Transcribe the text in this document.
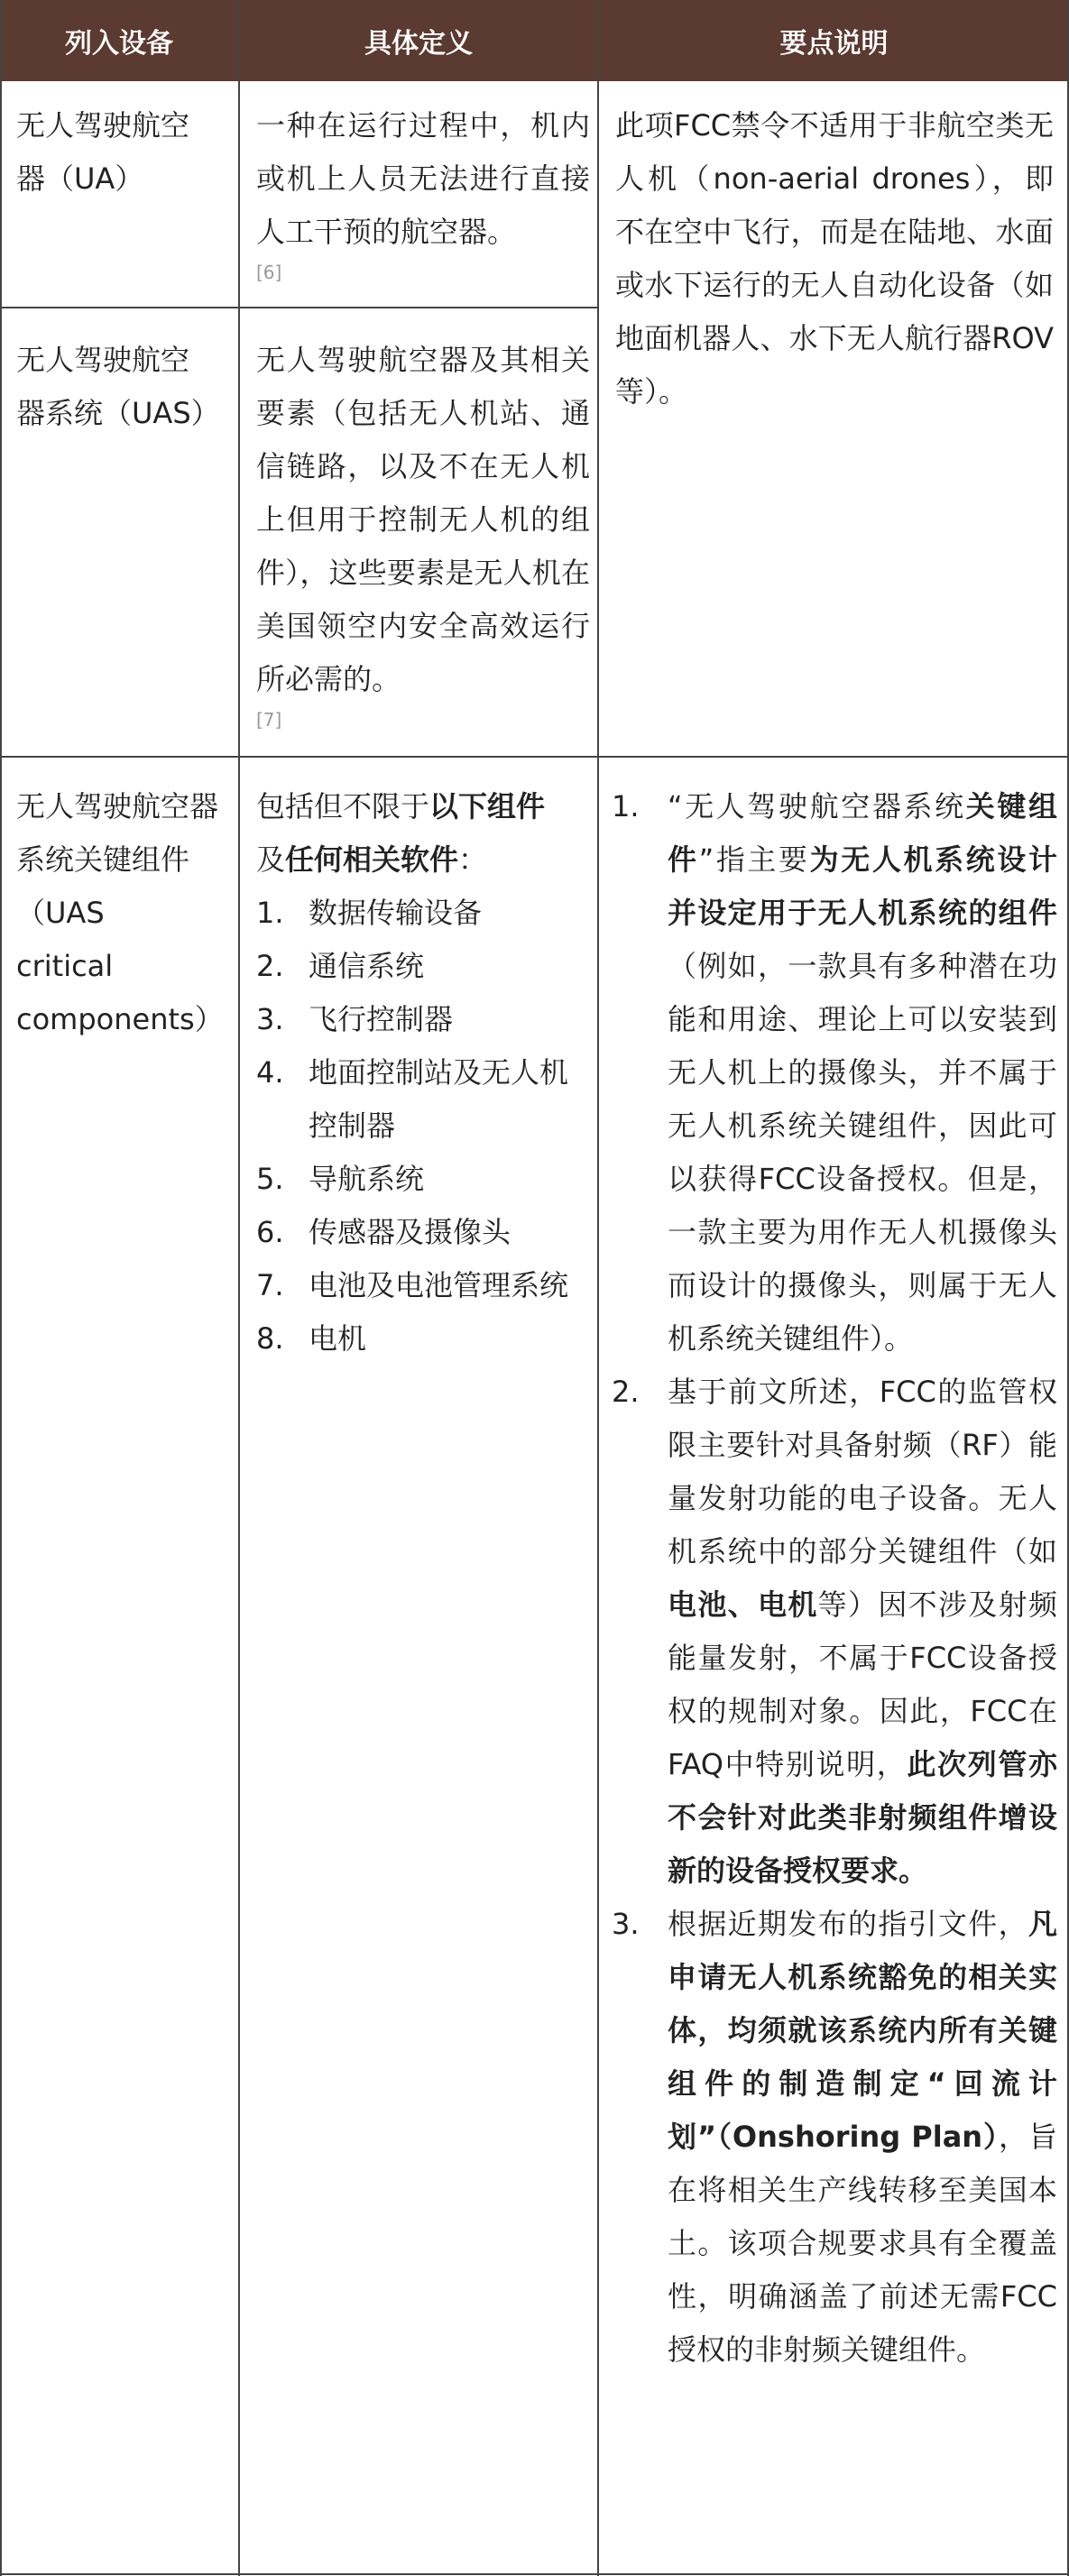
列入设备	具体定义	要点说明

无人驾驶航空器（UA）

一种在运行过程中，机内或机上人员无法进行直接人工干预的航空器。

[6]

无人驾驶航空器系统（UAS）

无人驾驶航空器及其相关要素（包括无人机站、通信链路，以及不在无人机上但用于控制无人机的组件），这些要素是无人机在美国领空内安全高效运行所必需的。

[7]

此项FCC禁令不适用于非航空类无人机（non-aerial drones），即不在空中飞行，而是在陆地、水面或水下运行的无人自动化设备（如地面机器人、水下无人航行器ROV等）。

无人驾驶航空器系统关键组件（UAS
critical
components）

包括但不限于以下组件
及任何相关软件：

1. 数据传输设备
2. 通信系统
3. 飞行控制器
4. 地面控制站及无人机控制器
5. 导航系统
6. 传感器及摄像头
7. 电池及电池管理系统
8. 电机
1. “无人驾驶航空器系统关键组件”指主要为无人机系统设计并设定用于无人机系统的组件（例如，一款具有多种潜在功能和用途、理论上可以安装到无人机上的摄像头，并不属于无人机系统关键组件，因此可以获得FCC设备授权。但是，一款主要为用作无人机摄像头而设计的摄像头，则属于无人机系统关键组件）。
2. 基于前文所述，FCC的监管权限主要针对具备射频（RF）能量发射功能的电子设备。无人机系统中的部分关键组件（如电池、电机等）因不涉及射频能量发射，不属于FCC设备授权的规制对象。因此，FCC在FAQ中特别说明，此次列管亦不会针对此类非射频组件增设新的设备授权要求。
3. 根据近期发布的指引文件，凡申请无人机系统豁免的相关实体，均须就该系统内所有关键组件的制造制定“回流计划”（Onshoring Plan），旨在将相关生产线转移至美国本土。该项合规要求具有全覆盖性，明确涵盖了前述无需FCC授权的非射频关键组件。
